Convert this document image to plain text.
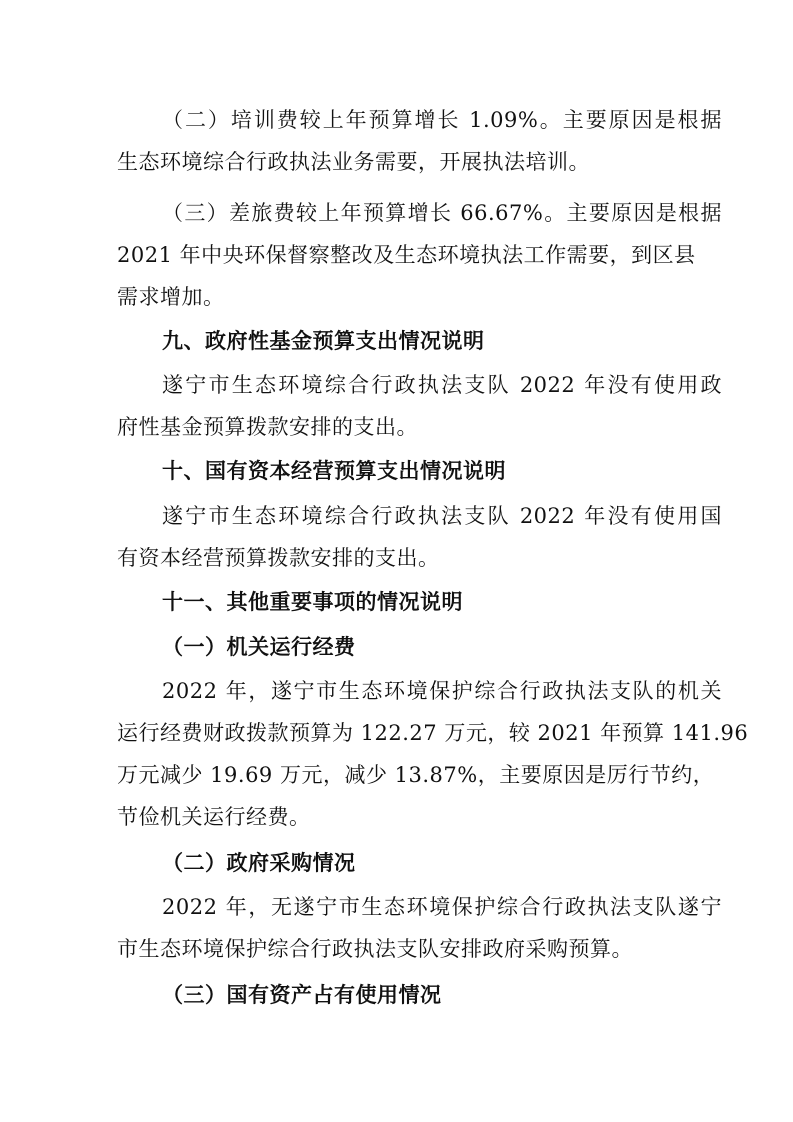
（二）培训费较上年预算增长 1.09%。主要原因是根据
生态环境综合行政执法业务需要，开展执法培训。
（三）差旅费较上年预算增长 66.67%。主要原因是根据
2021 年中央环保督察整改及生态环境执法工作需要，到区县
需求增加。
九、政府性基金预算支出情况说明
遂宁市生态环境综合行政执法支队 2022 年没有使用政
府性基金预算拨款安排的支出。
十、国有资本经营预算支出情况说明
遂宁市生态环境综合行政执法支队 2022 年没有使用国
有资本经营预算拨款安排的支出。
十一、其他重要事项的情况说明
（一）机关运行经费
2022 年，遂宁市生态环境保护综合行政执法支队的机关
运行经费财政拨款预算为 122.27 万元，较 2021 年预算 141.96
万元减少 19.69 万元，减少 13.87%，主要原因是厉行节约，
节俭机关运行经费。
（二）政府采购情况
2022 年，无遂宁市生态环境保护综合行政执法支队遂宁
市生态环境保护综合行政执法支队安排政府采购预算。
（三）国有资产占有使用情况
